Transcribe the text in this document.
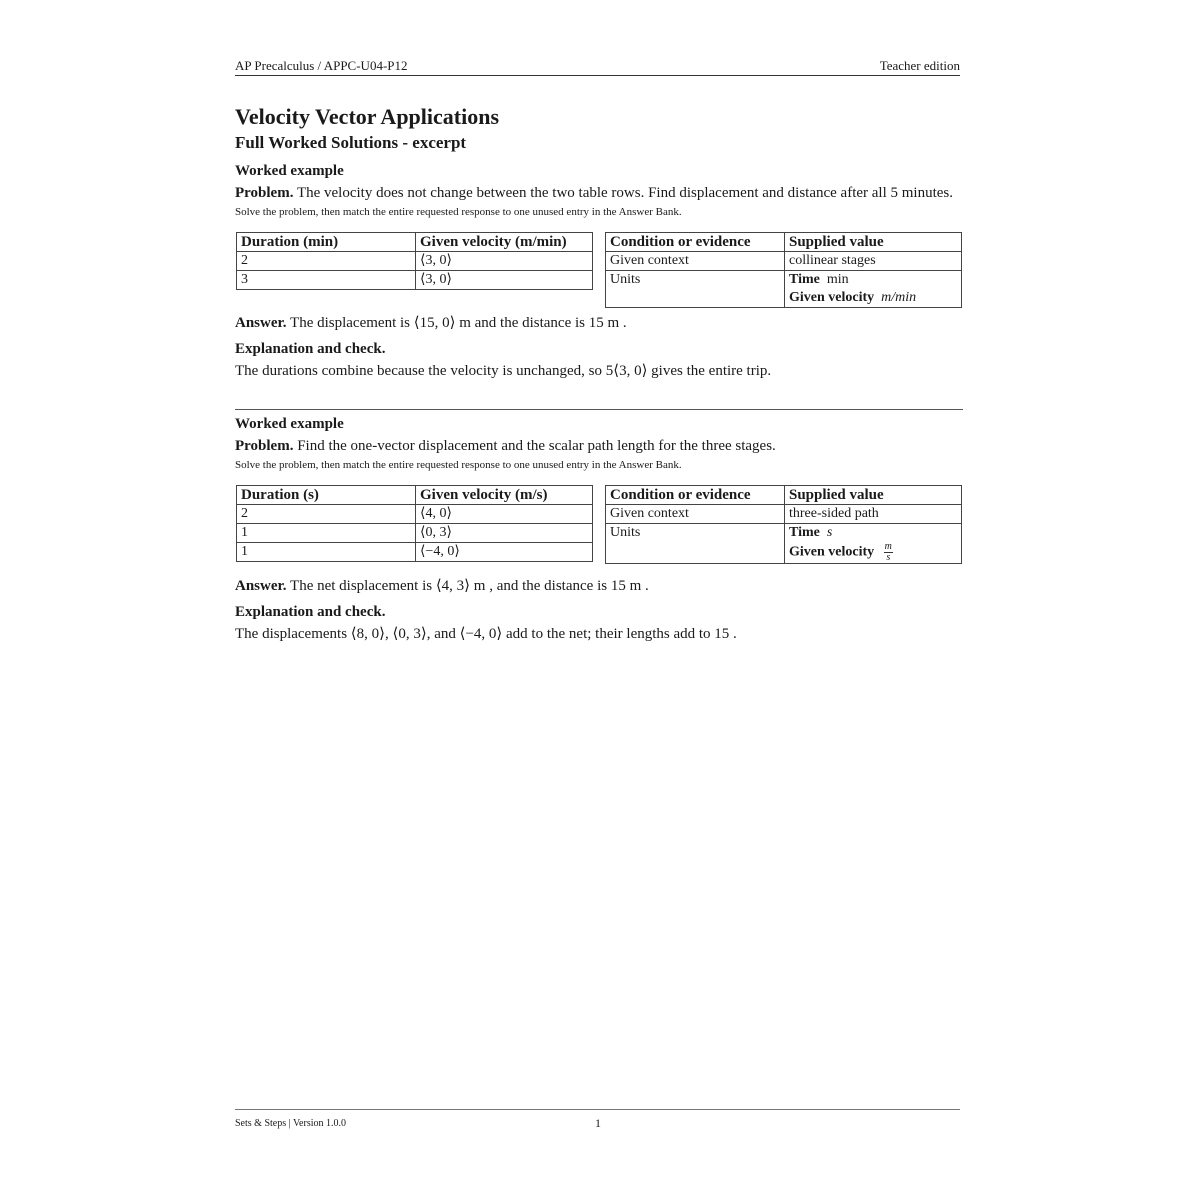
AP Precalculus / APPC-U04-P12	Teacher edition
Velocity Vector Applications
Full Worked Solutions - excerpt
Worked example
Problem. The velocity does not change between the two table rows. Find displacement and distance after all 5 minutes.
Solve the problem, then match the entire requested response to one unused entry in the Answer Bank.
Duration (min)	Given velocity (m/min)
2	⟨3, 0⟩
3	⟨3, 0⟩
Condition or evidence	Supplied value
Given context	collinear stages
Units	Time min
Given velocity m/min
Answer. The displacement is ⟨15, 0⟩ m and the distance is 15 m .
Explanation and check.
The durations combine because the velocity is unchanged, so 5⟨3, 0⟩ gives the entire trip.
Worked example
Problem. Find the one-vector displacement and the scalar path length for the three stages.
Solve the problem, then match the entire requested response to one unused entry in the Answer Bank.
Duration (s)	Given velocity (m/s)
2	⟨4, 0⟩
1	⟨0, 3⟩
1	⟨−4, 0⟩
Condition or evidence	Supplied value
Given context	three-sided path
Units	Time s
Given velocity $\frac{m}{s}$
Answer. The net displacement is ⟨4, 3⟩ m , and the distance is 15 m .
Explanation and check.
The displacements ⟨8, 0⟩, ⟨0, 3⟩, and ⟨−4, 0⟩ add to the net; their lengths add to 15 .
Sets & Steps | Version 1.0.0	1
